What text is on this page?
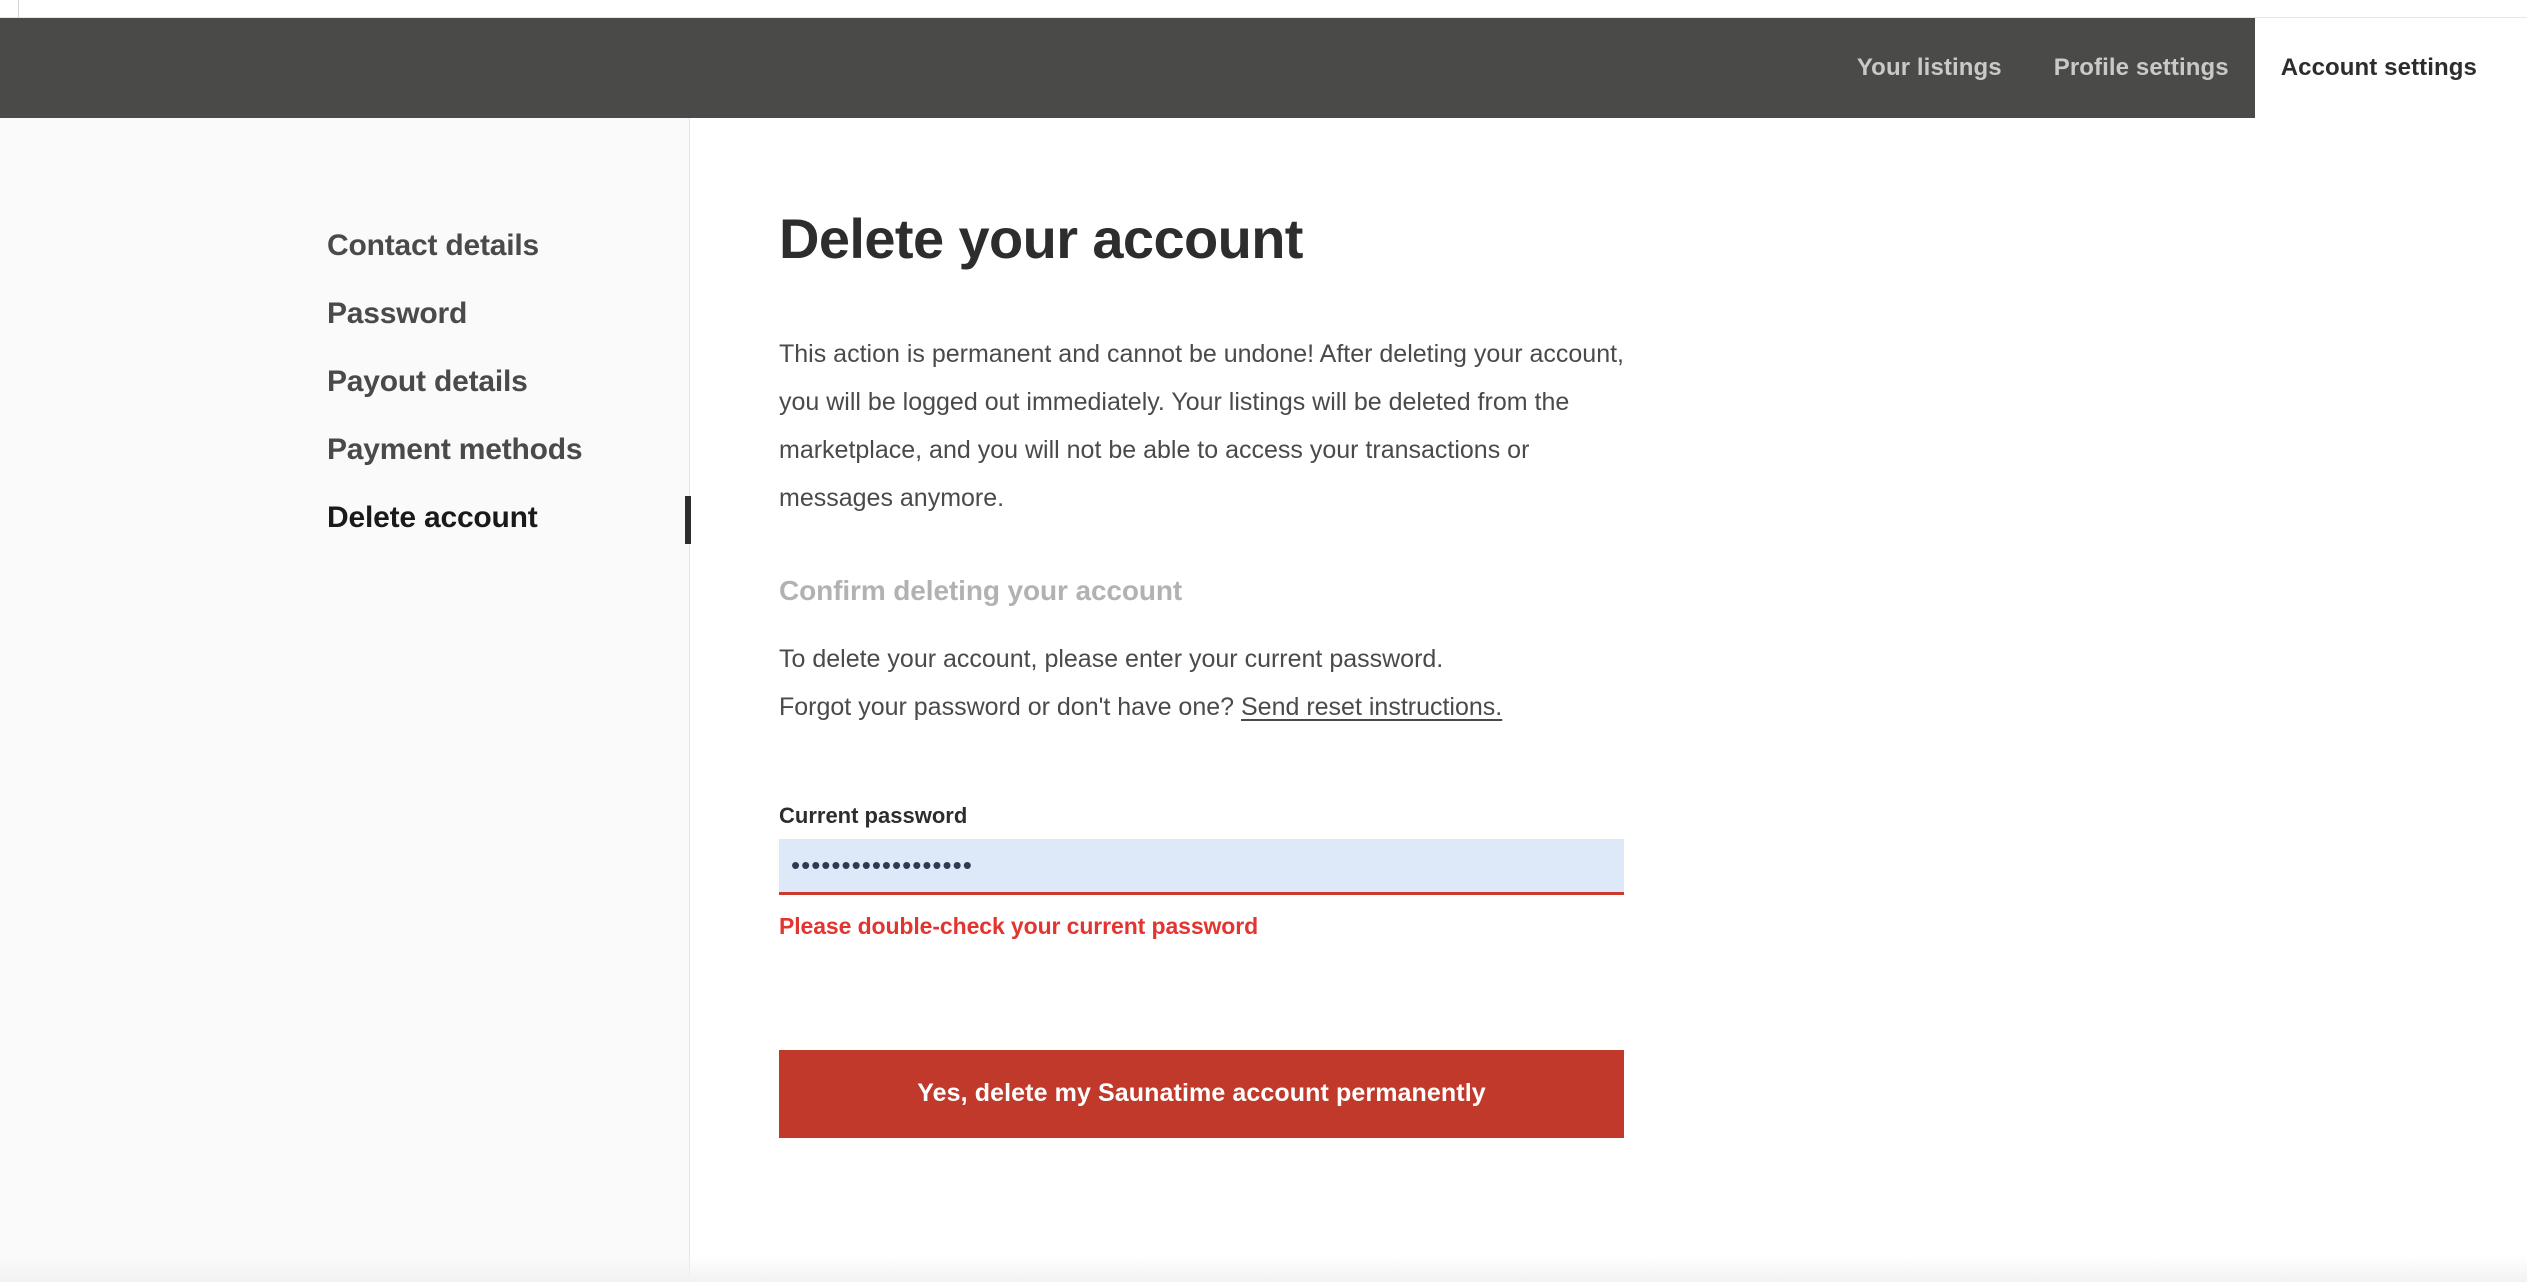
Your listings	Profile settings	Account settings
Contact details
Password
Payout details
Payment methods
Delete account
Delete your account

This action is permanent and cannot be undone! After deleting your account, you will be logged out immediately. Your listings will be deleted from the marketplace, and you will not be able to access your transactions or messages anymore.

Confirm deleting your account
To delete your account, please enter your current password.
Forgot your password or don't have one? Send reset instructions.
Current password
••••••••••••••••••
Please double-check your current password
Yes, delete my Saunatime account permanently
